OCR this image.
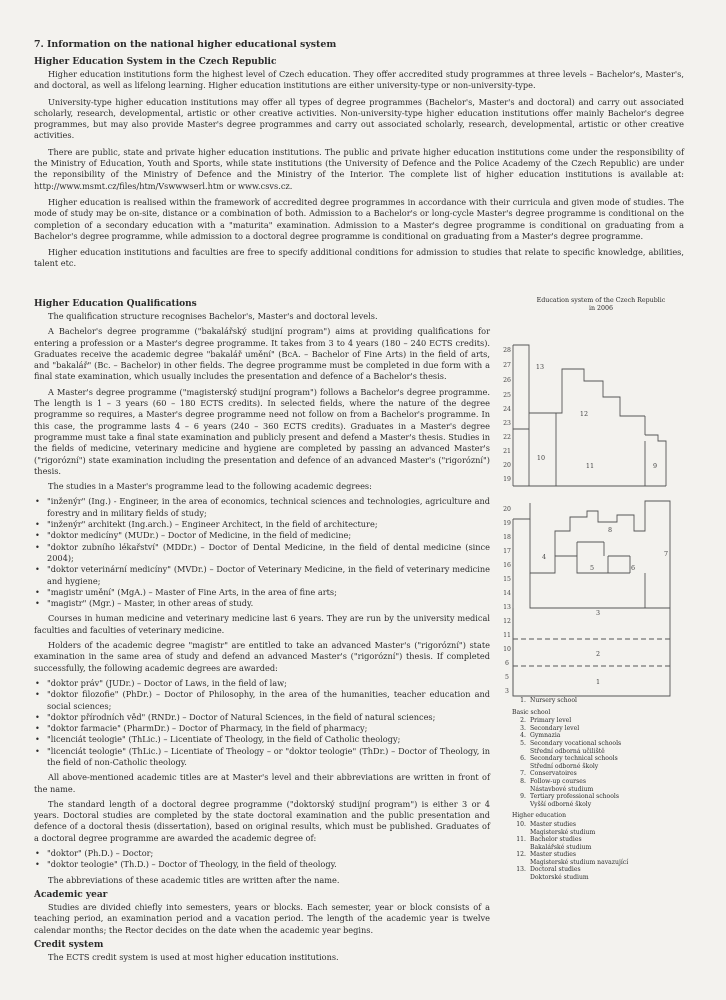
7. Information on the national higher educational system
Higher Education System in the Czech Republic

Higher education institutions form the highest level of Czech education. They offer accredited study programmes at three levels – Bachelor's, Master's, and doctoral, as well as lifelong learning. Higher education institutions are either university-type or non-university-type.

University-type higher education institutions may offer all types of degree programmes (Bachelor's, Master's and doctoral) and carry out associated scholarly, research, developmental, artistic or other creative activities. Non-university-type higher education institutions offer mainly Bachelor's degree programmes, but may also provide Master's degree programmes and carry out associated scholarly, research, developmental, artistic or other creative activities.

There are public, state and private higher education institutions. The public and private higher education institutions come under the responsibility of the Ministry of Education, Youth and Sports, while state institutions (the University of Defence and the Police Academy of the Czech Republic) are under the reponsibility of the Ministry of Defence and the Ministry of the Interior. The complete list of higher education institutions is available at: http://www.msmt.cz/files/htm/Vswwwserl.htm or www.csvs.cz.

Higher education is realised within the framework of accredited degree programmes in accordance with their curricula and given mode of studies. The mode of study may be on-site, distance or a combination of both. Admission to a Bachelor's or long-cycle Master's degree programme is conditional on the completion of a secondary education with a "maturita" examination. Admission to a Master's degree programme is conditional on graduating from a Bachelor's degree programme, while admission to a doctoral degree programme is conditional on graduating from a Master's degree programme.

Higher education institutions and faculties are free to specify additional conditions for admission to studies that relate to specific knowledge, abilities, talent etc.

Higher Education Qualifications

The qualification structure recognises Bachelor's, Master's and doctoral levels.

A Bachelor's degree programme ("bakalářský studijní program") aims at providing qualifications for entering a profession or a Master's degree programme. It takes from 3 to 4 years (180 – 240 ECTS credits). Graduates receive the academic degree "bakalář umění" (BcA. – Bachelor of Fine Arts) in the field of arts, and "bakalář" (Bc. – Bachelor) in other fields. The degree programme must be completed in due form with a final state examination, which usually includes the presentation and defence of a Bachelor's thesis.

A Master's degree programme ("magisterský studijní program") follows a Bachelor's degree programme. The length is 1 – 3 years (60 – 180 ECTS credits). In selected fields, where the nature of the degree programme so requires, a Master's degree programme need not follow on from a Bachelor's programme. In this case, the programme lasts 4 – 6 years (240 – 360 ECTS credits). Graduates in a Master's degree programme must take a final state examination and publicly present and defend a Master's thesis. Studies in the fields of medicine, veterinary medicine and hygiene are completed by passing an advanced Master's ("rigorózní") state examination including the presentation and defence of an advanced Master's ("rigorózní") thesis.

The studies in a Master's programme lead to the following academic degrees:

• "inženýr" (Ing.) - Engineer, in the area of economics, technical sciences and technologies, agriculture and forestry and in military fields of study;
• "inženýr" architekt (Ing.arch.) – Engineer Architect, in the field of architecture;
• "doktor medicíny" (MUDr.) – Doctor of Medicine, in the field of medicine;
• "doktor zubního lékařství" (MDDr.) – Doctor of Dental Medicine, in the field of dental medicine (since 2004);
• "doktor veterinární medicíny" (MVDr.) – Doctor of Veterinary Medicine, in the field of veterinary medicine and hygiene;
• "magistr umění" (MgA.) – Master of Fine Arts, in the area of fine arts;
• "magistr" (Mgr.) – Master, in other areas of study.

Courses in human medicine and veterinary medicine last 6 years. They are run by the university medical faculties and faculties of veterinary medicine.

Holders of the academic degree "magistr" are entitled to take an advanced Master's ("rigorózní") state examination in the same area of study and defend an advanced Master's ("rigorózní") thesis. If completed successfully, the following academic degrees are awarded:

• "doktor práv" (JUDr.) – Doctor of Laws, in the field of law;
• "doktor filozofie" (PhDr.) – Doctor of Philosophy, in the area of the humanities, teacher education and social sciences;
• "doktor přírodních věd" (RNDr.) – Doctor of Natural Sciences, in the field of natural sciences;
• "doktor farmacie" (PharmDr.) – Doctor of Pharmacy, in the field of pharmacy;
• "licenciát teologie" (ThLic.) – Licentiate of Theology, in the field of Catholic theology;
• "licenciát teologie" (ThLic.) – Licentiate of Theology – or "doktor teologie" (ThDr.) – Doctor of Theology, in the field of non-Catholic theology.

All above-mentioned academic titles are at Master's level and their abbreviations are written in front of the name.

The standard length of a doctoral degree programme ("doktorský studijní program") is either 3 or 4 years. Doctoral studies are completed by the state doctoral examination and the public presentation and defence of a doctoral thesis (dissertation), based on original results, which must be published. Graduates of a doctoral degree programme are awarded the academic degree of:

• "doktor" (Ph.D.) – Doctor;
• "doktor teologie" (Th.D.) – Doctor of Theology, in the field of theology.

The abbreviations of these academic titles are written after the name.

Academic year

Studies are divided chiefly into semesters, years or blocks. Each semester, year or block consists of a teaching period, an examination period and a vacation period. The length of the academic year is twelve calendar months; the Rector decides on the date when the academic year begins.

Credit system

The ECTS credit system is used at most higher education institutions.

Education system of the Czech Republic
in 2006
28
27
26
25
24
23
22
21
20
19
20
19
18
17
16
15
14
13
12
11
10
6
5
3
13
12
10
11	9
8
4
5	6
7
3
2
1
1. Nursery school
Basic school
2. Primary level
3. Secondary level
4. Gymnazia
5. Secondary vocational schools
Střední odborná učiliště
6. Secondary technical schools
Střední odborné školy
7. Conservatoires
8. Follow-up courses
Nástavbové studium
9. Tertiary professional schools
Vyšší odborné školy
Higher education
10. Master studies
Magisterské studium
11. Bachelor studies
Bakalářské studium
12. Master studies
Magisterské studium navazující
13. Doctoral studies
Doktorské studium
